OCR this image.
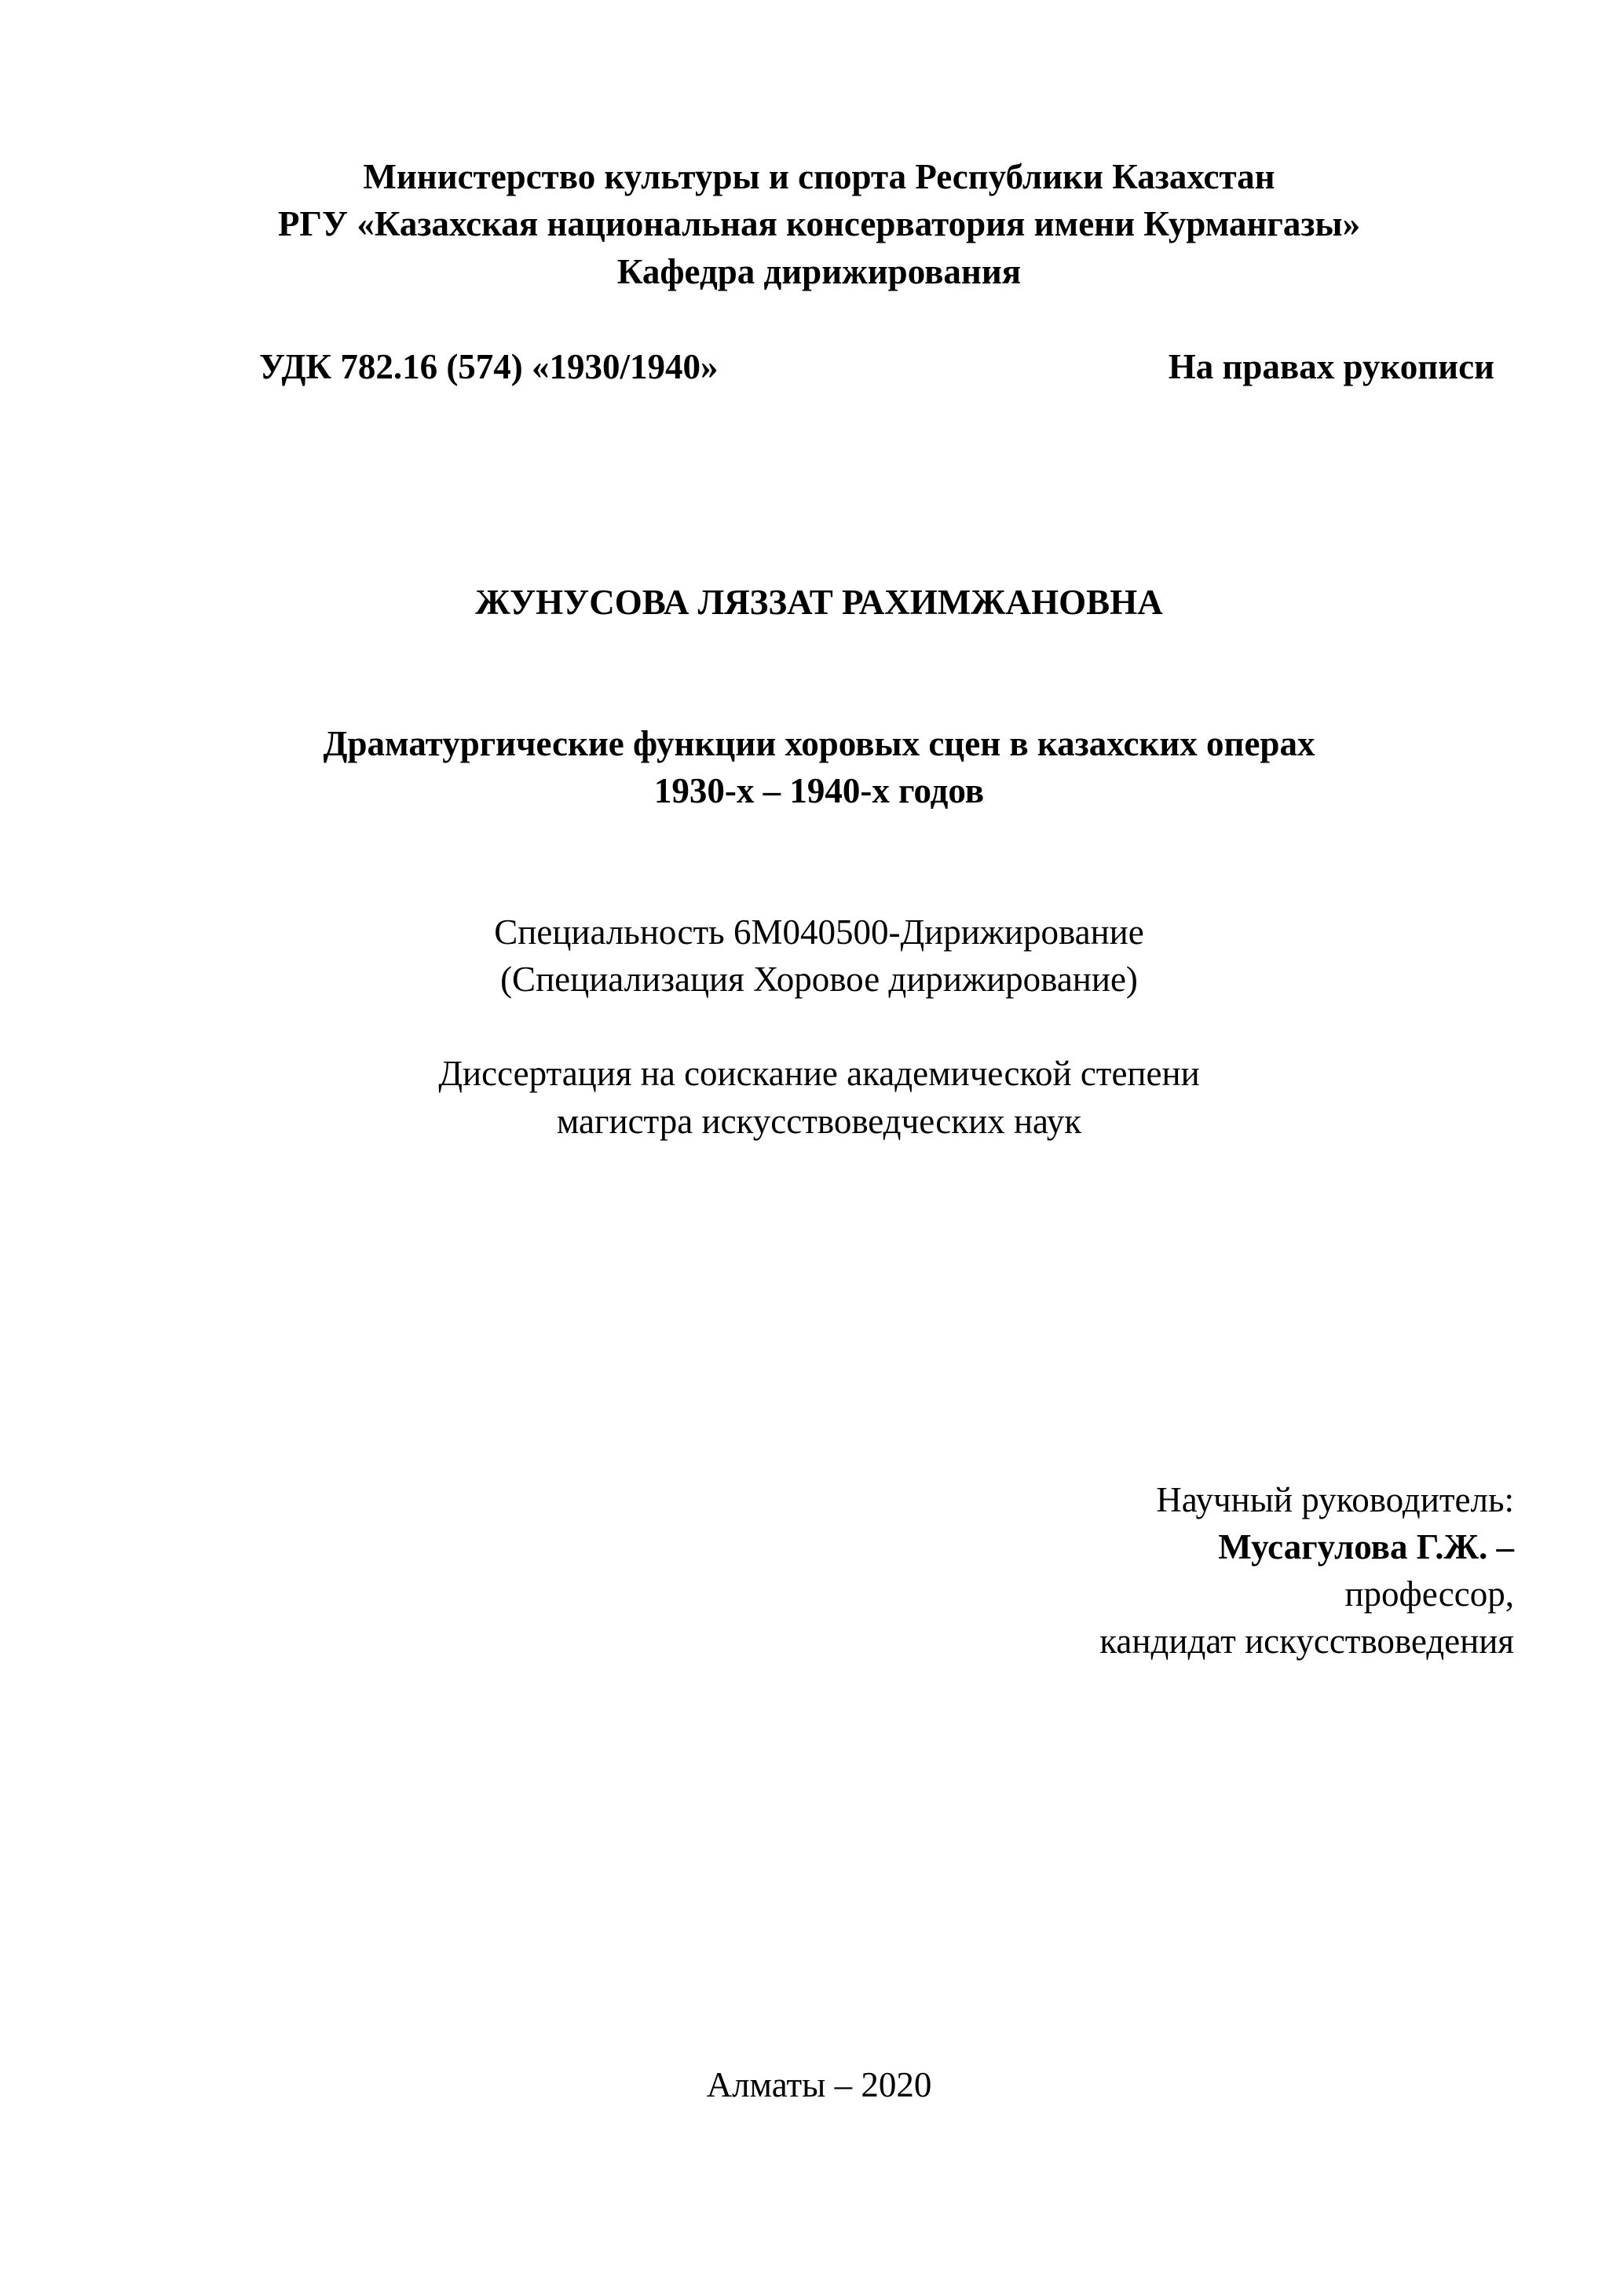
Министерство культуры и спорта Республики Казахстан
РГУ «Казахская национальная консерватория имени Курмангазы»
Кафедра дирижирования
УДК 782.16 (574) «1930/1940»	На правах рукописи
ЖУНУСОВА ЛЯЗЗАТ РАХИМЖАНОВНА
Драматургические функции хоровых сцен в казахских операх
1930-х – 1940-х годов
Специальность 6М040500-Дирижирование
(Специализация Хоровое дирижирование)
Диссертация на соискание академической степени
магистра искусствоведческих наук
Научный руководитель:
Мусагулова Г.Ж. –
профессор,
кандидат искусствоведения
Алматы – 2020
